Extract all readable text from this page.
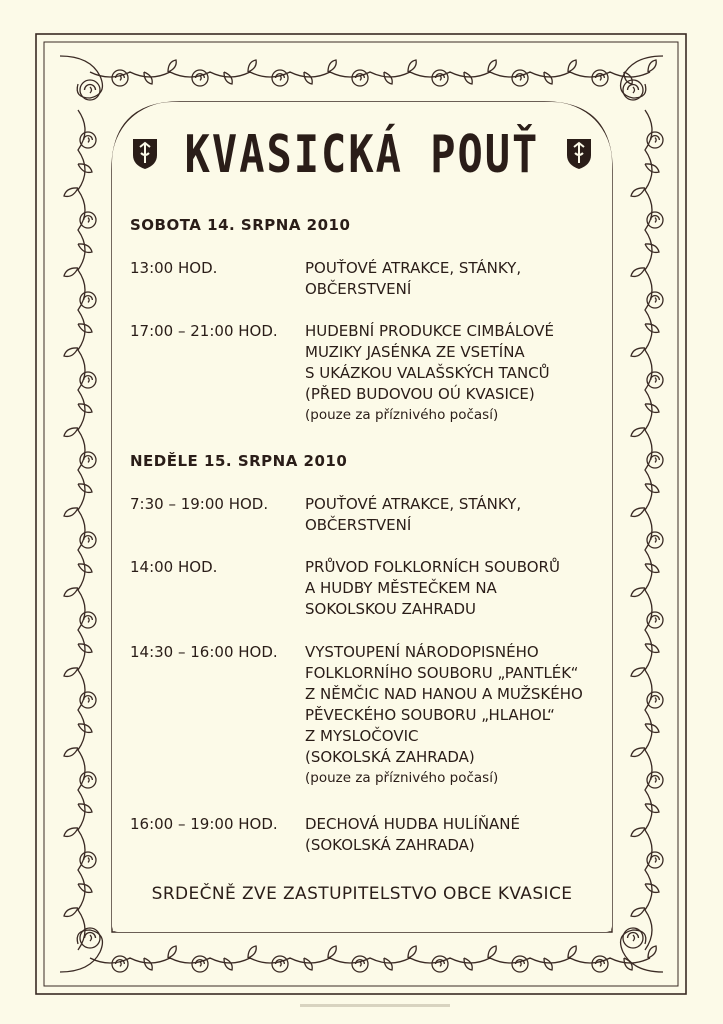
KVASICKÁ POUŤ
SOBOTA 14. SRPNA 2010
13:00 HOD.	POUŤOVÉ ATRAKCE, STÁNKY,
OBČERSTVENÍ
17:00 – 21:00 HOD.	HUDEBNÍ PRODUKCE CIMBÁLOVÉ
MUZIKY JASÉNKA ZE VSETÍNA
S UKÁZKOU VALAŠSKÝCH TANCŮ
(PŘED BUDOVOU OÚ KVASICE)
(pouze za příznivého počasí)
NEDĚLE 15. SRPNA 2010
7:30 – 19:00 HOD.	POUŤOVÉ ATRAKCE, STÁNKY,
OBČERSTVENÍ
14:00 HOD.	PRŮVOD FOLKLORNÍCH SOUBORŮ
A HUDBY MĚSTEČKEM NA
SOKOLSKOU ZAHRADU
14:30 – 16:00 HOD.	VYSTOUPENÍ NÁRODOPISNÉHO
FOLKLORNÍHO SOUBORU „PANTLÉK“
Z NĚMČIC NAD HANOU A MUŽSKÉHO
PĚVECKÉHO SOUBORU „HLAHOL“
Z MYSLOČOVIC
(SOKOLSKÁ ZAHRADA)
(pouze za příznivého počasí)
16:00 – 19:00 HOD.	DECHOVÁ HUDBA HULÍŇANÉ
(SOKOLSKÁ ZAHRADA)
SRDEČNĚ ZVE ZASTUPITELSTVO OBCE KVASICE
